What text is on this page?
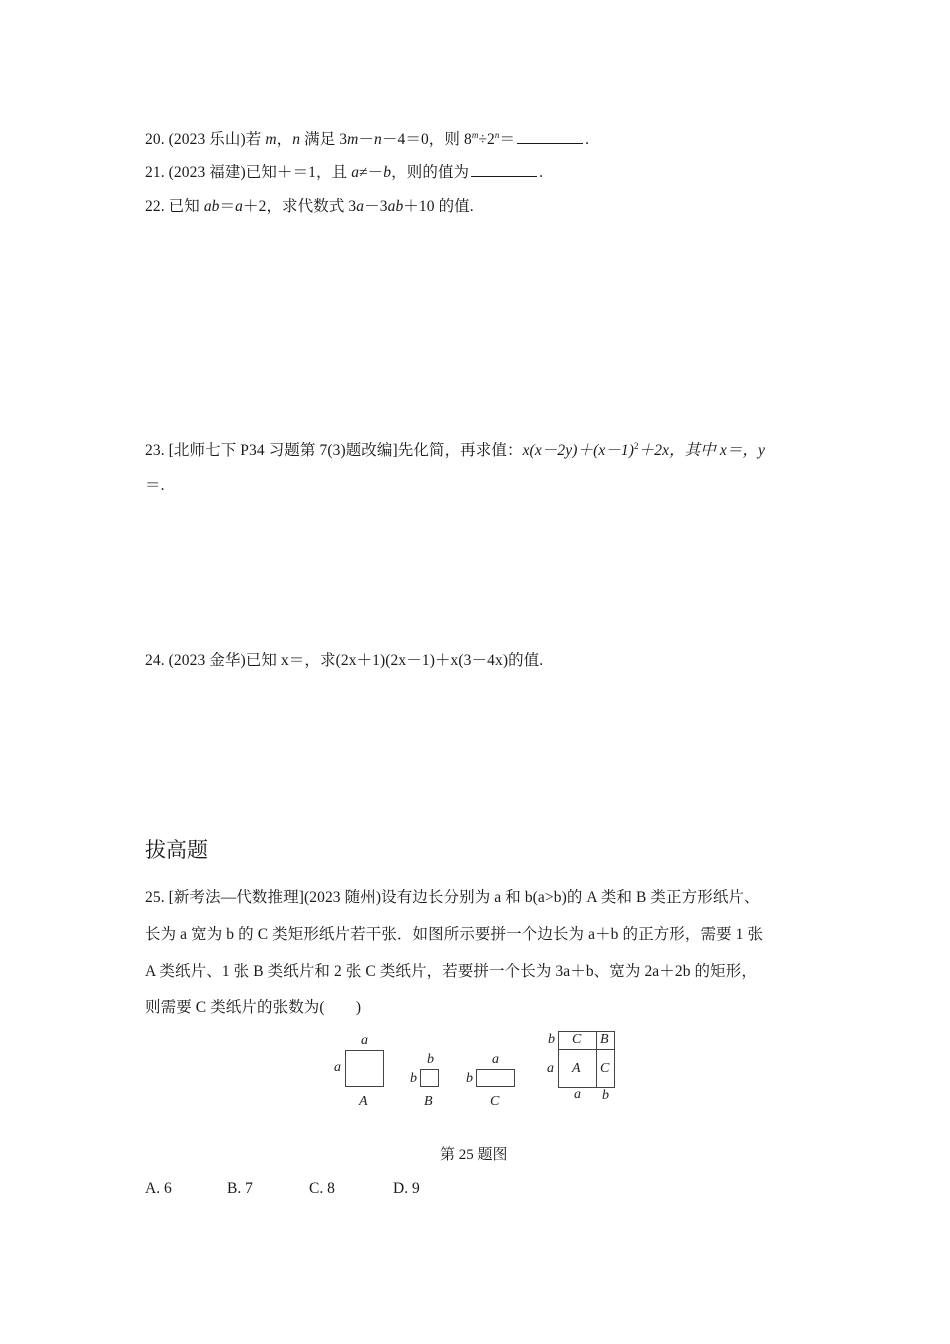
20. (2023 乐山)若 m，n 满足 3m－n－4＝0，则 $8^m\div 2^n=$	.
21. (2023 福建)已知＋＝1，且 a≠－b，则的值为	.
22. 已知 ab＝a＋2，求代数式 3a－3ab＋10 的值.
23. [北师七下 P34 习题第 7(3)题改编]先化简，再求值：$x(x-2y)+(x-1)^2+2x$，其中 x＝，y
＝.
24. (2023 金华)已知 x＝，求(2x＋1)(2x－1)＋x(3－4x)的值.
拔高题
25. [新考法—代数推理](2023 随州)设有边长分别为 a 和 b(a>b)的 A 类和 B 类正方形纸片、
长为 a 宽为 b 的 C 类矩形纸片若干张．如图所示要拼一个边长为 a＋b 的正方形，需要 1 张
A 类纸片、1 张 B 类纸片和 2 张 C 类纸片，若要拼一个长为 3a＋b、宽为 2a＋2b 的矩形，
则需要 C 类纸片的张数为(　　)
a
a
A
b
b
B
a
b
C
b
a
C B
A C
a b
第 25 题图
A. 6	B. 7	C. 8	D. 9
